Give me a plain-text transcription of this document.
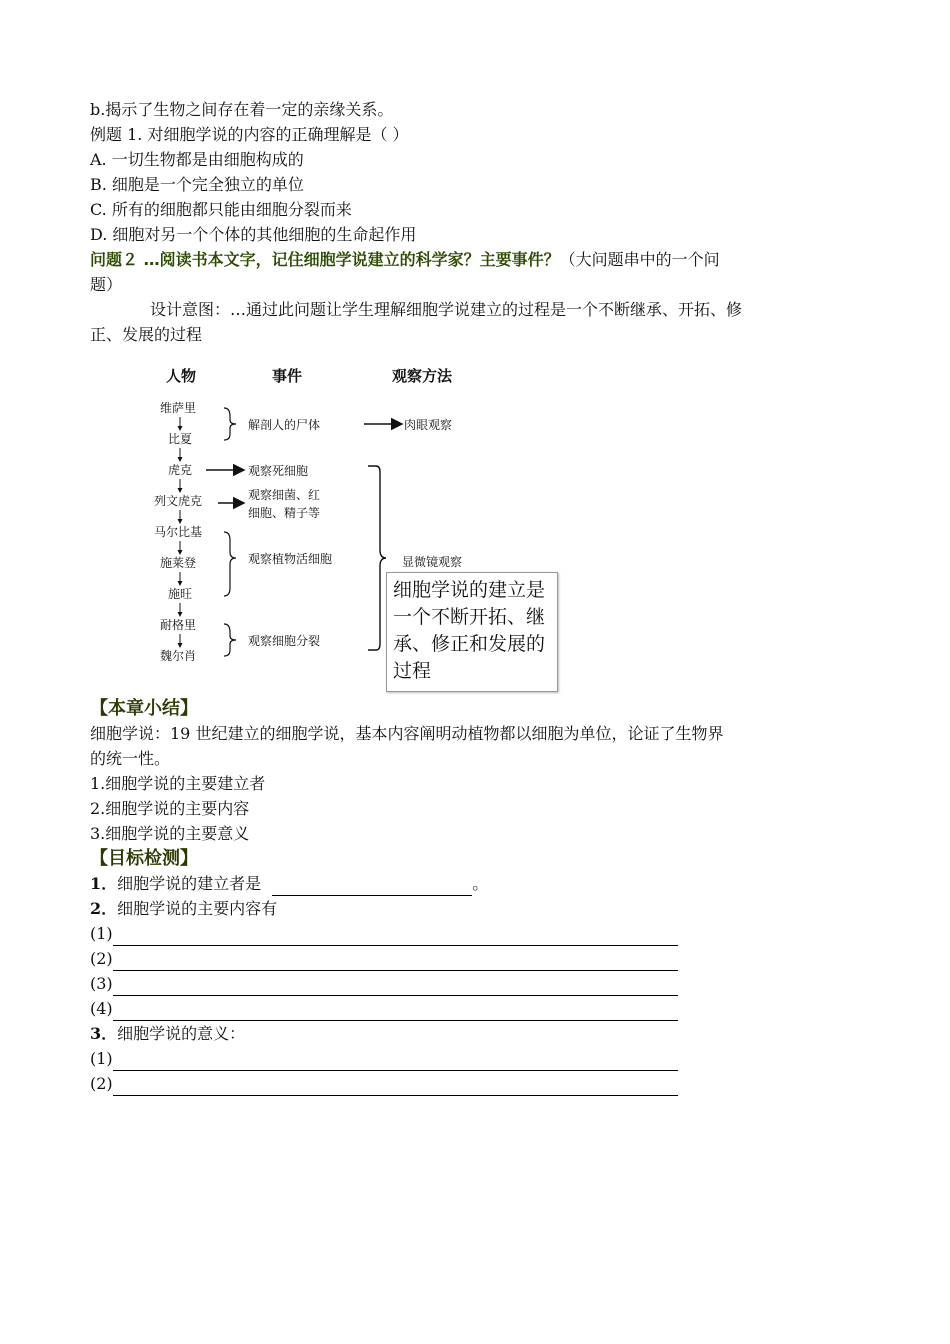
b.揭示了生物之间存在着一定的亲缘关系。
例题 1. 对细胞学说的内容的正确理解是（ ）
A. 一切生物都是由细胞构成的
B. 细胞是一个完全独立的单位
C. 所有的细胞都只能由细胞分裂而来
D. 细胞对另一个个体的其他细胞的生命起作用
问题２ …阅读书本文字，记住细胞学说建立的科学家？主要事件？（大问题串中的一个问
题）
设计意图：…通过此问题让学生理解细胞学说建立的过程是一个不断继承、开拓、修
正、发展的过程
人物	事件	观察方法
维萨里
比夏
虎克
列文虎克
马尔比基
施莱登
施旺
耐格里
魏尔肖
解剖人的尸体	肉眼观察
观察死细胞
观察细菌、红
细胞、精子等
观察植物活细胞
观察细胞分裂
显微镜观察
细胞学说的建立是一个不断开拓、继承、修正和发展的过程
【本章小结】
细胞学说：19 世纪建立的细胞学说，基本内容阐明动植物都以细胞为单位，论证了生物界
的统一性。
1.细胞学说的主要建立者
2.细胞学说的主要内容
3.细胞学说的主要意义
【目标检测】
1．细胞学说的建立者是	。
2．细胞学说的主要内容有
(1)
(2)
(3)
(4)
3．细胞学说的意义：
(1)
(2)
